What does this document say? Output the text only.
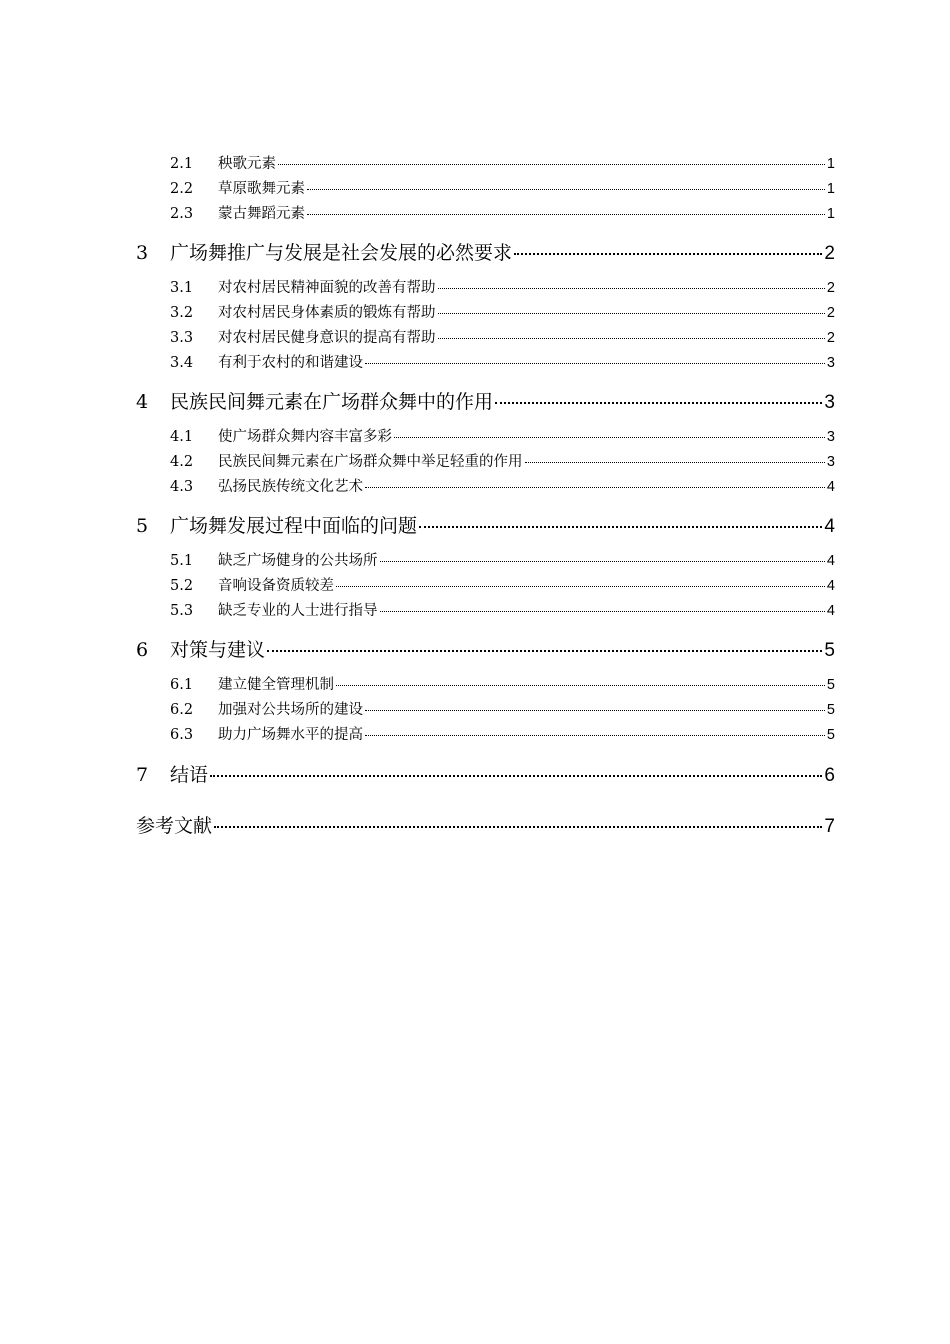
2.1	秧歌元素	1
2.2	草原歌舞元素	1
2.3	蒙古舞蹈元素	1
3	广场舞推广与发展是社会发展的必然要求	2
3.1	对农村居民精神面貌的改善有帮助	2
3.2	对农村居民身体素质的锻炼有帮助	2
3.3	对农村居民健身意识的提高有帮助	2
3.4	有利于农村的和谐建设	3
4	民族民间舞元素在广场群众舞中的作用	3
4.1	使广场群众舞内容丰富多彩	3
4.2	民族民间舞元素在广场群众舞中举足轻重的作用	3
4.3	弘扬民族传统文化艺术	4
5	广场舞发展过程中面临的问题	4
5.1	缺乏广场健身的公共场所	4
5.2	音响设备资质较差	4
5.3	缺乏专业的人士进行指导	4
6	对策与建议	5
6.1	建立健全管理机制	5
6.2	加强对公共场所的建设	5
6.3	助力广场舞水平的提高	5
7	结语	6
参考文献	7
